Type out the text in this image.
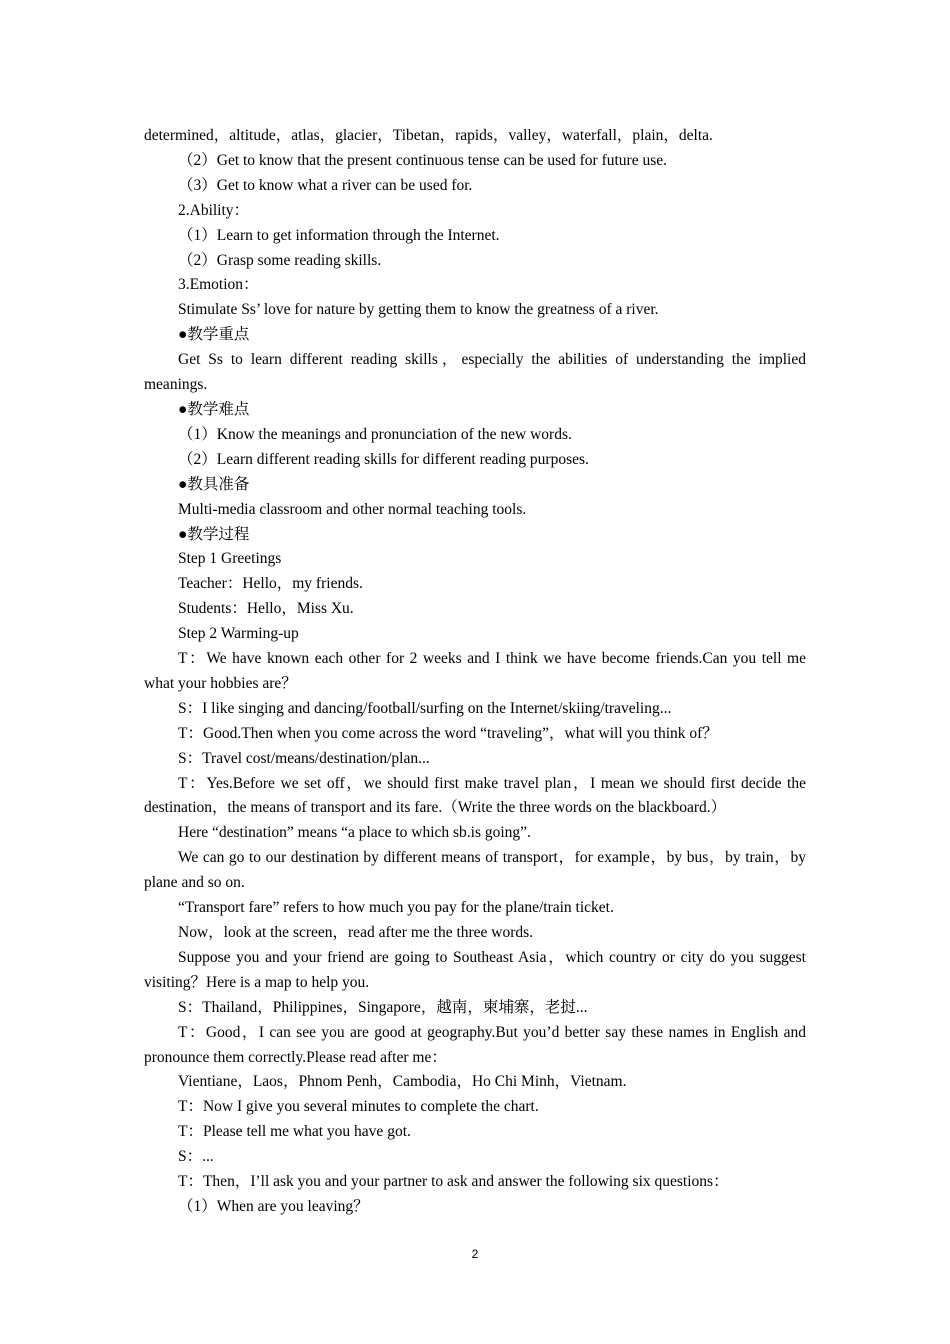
determined，altitude，atlas，glacier，Tibetan，rapids，valley，waterfall，plain，delta.

（2）Get to know that the present continuous tense can be used for future use.

（3）Get to know what a river can be used for.

2.Ability：

（1）Learn to get information through the Internet.

（2）Grasp some reading skills.

3.Emotion：

Stimulate Ss’ love for nature by getting them to know the greatness of a river.

●教学重点

Get Ss to learn different reading skills，especially the abilities of understanding the implied meanings.

●教学难点

（1）Know the meanings and pronunciation of the new words.

（2）Learn different reading skills for different reading purposes.

●教具准备

Multi-media classroom and other normal teaching tools.

●教学过程

Step 1 Greetings

Teacher：Hello，my friends.

Students：Hello，Miss Xu.

Step 2 Warming-up

T：We have known each other for 2 weeks and I think we have become friends.Can you tell me what your hobbies are？

S：I like singing and dancing/football/surfing on the Internet/skiing/traveling...

T：Good.Then when you come across the word “traveling”，what will you think of？

S：Travel cost/means/destination/plan...

T：Yes.Before we set off，we should first make travel plan，I mean we should first decide the destination，the means of transport and its fare.（Write the three words on the blackboard.）

Here “destination” means “a place to which sb.is going”.

We can go to our destination by different means of transport，for example，by bus，by train，by plane and so on.

“Transport fare” refers to how much you pay for the plane/train ticket.

Now，look at the screen，read after me the three words.

Suppose you and your friend are going to Southeast Asia，which country or city do you suggest visiting？Here is a map to help you.

S：Thailand，Philippines，Singapore，越南，柬埔寨，老挝...

T：Good，I can see you are good at geography.But you’d better say these names in English and pronounce them correctly.Please read after me：

Vientiane，Laos，Phnom Penh，Cambodia，Ho Chi Minh，Vietnam.

T：Now I give you several minutes to complete the chart.

T：Please tell me what you have got.

S：...

T：Then，I’ll ask you and your partner to ask and answer the following six questions：

（1）When are you leaving？

2
